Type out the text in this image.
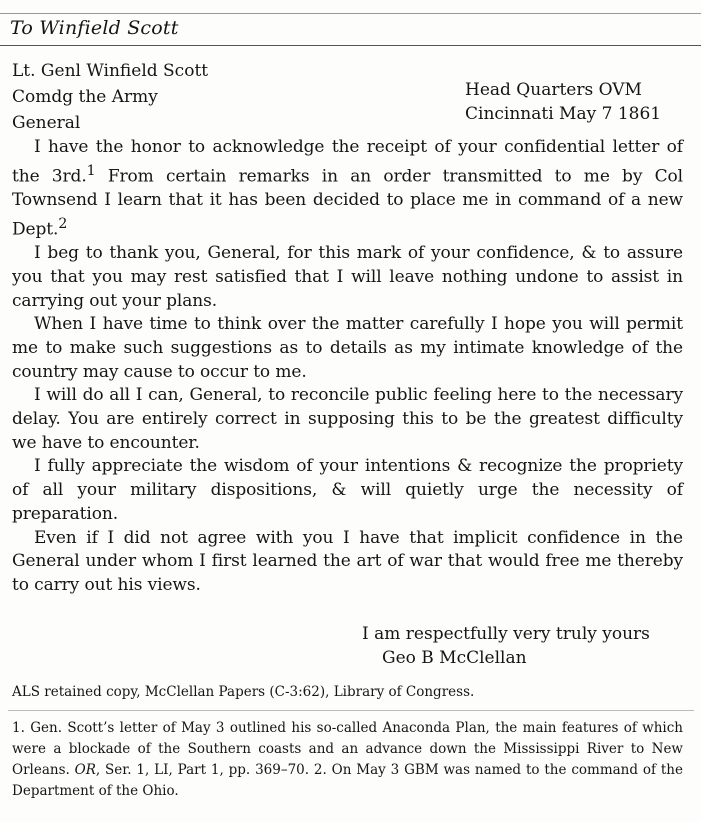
To Winfield Scott
Lt. Genl Winfield Scott
Comdg the Army
General
Head Quarters OVM
Cincinnati May 7 1861

I have the honor to acknowledge the receipt of your confidential letter of the 3rd.$^1$ From certain remarks in an order transmitted to me by Col Townsend I learn that it has been decided to place me in command of a new Dept.$^2$

I beg to thank you, General, for this mark of your confidence, & to assure you that you may rest satisfied that I will leave nothing undone to assist in carrying out your plans.

When I have time to think over the matter carefully I hope you will permit me to make such suggestions as to details as my intimate knowledge of the country may cause to occur to me.

I will do all I can, General, to reconcile public feeling here to the necessary delay. You are entirely correct in supposing this to be the greatest difficulty we have to encounter.

I fully appreciate the wisdom of your intentions & recognize the propriety of all your military dispositions, & will quietly urge the necessity of preparation.

Even if I did not agree with you I have that implicit confidence in the General under whom I first learned the art of war that would free me thereby to carry out his views.

I am respectfully very truly yours
Geo B McClellan
ALS retained copy, McClellan Papers (C-3:62), Library of Congress.
1. Gen. Scott’s letter of May 3 outlined his so-called Anaconda Plan, the main features of which were a blockade of the Southern coasts and an advance down the Mississippi River to New Orleans. OR, Ser. 1, LI, Part 1, pp. 369–70. 2. On May 3 GBM was named to the command of the Department of the Ohio.
